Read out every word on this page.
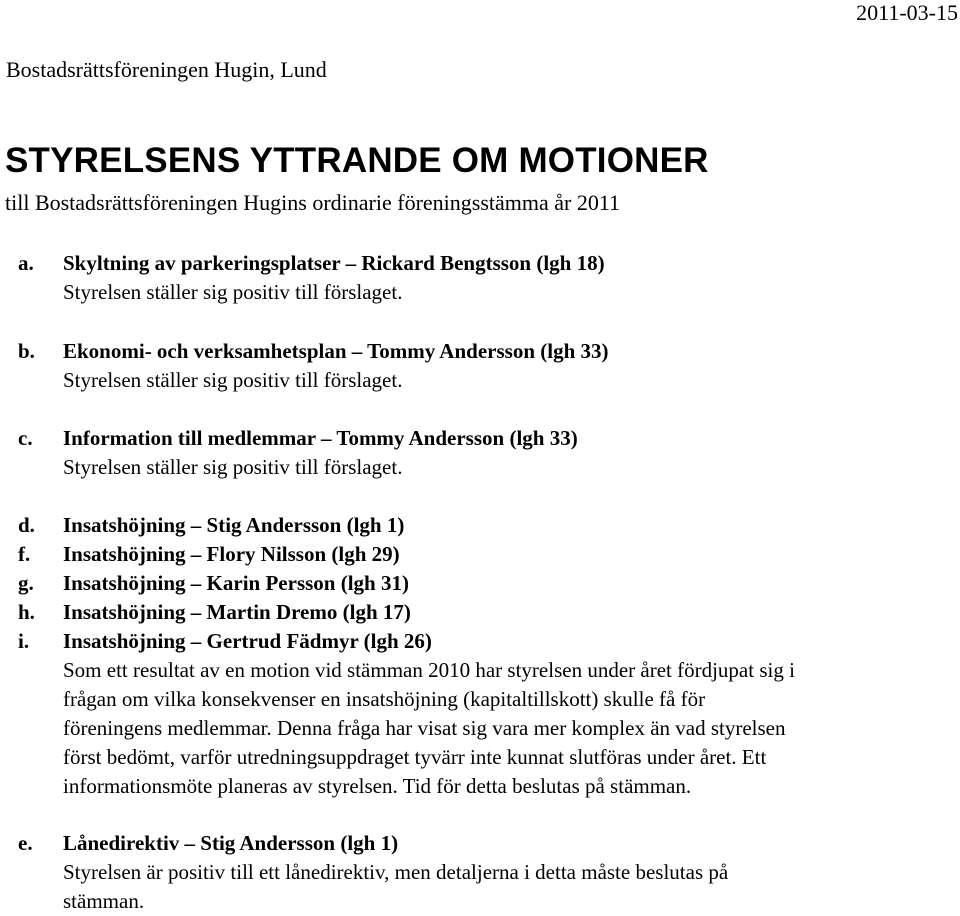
2011-03-15
Bostadsrättsföreningen Hugin, Lund
STYRELSENS YTTRANDE OM MOTIONER
till Bostadsrättsföreningen Hugins ordinarie föreningsstämma år 2011
a. Skyltning av parkeringsplatser – Rickard Bengtsson (lgh 18)
Styrelsen ställer sig positiv till förslaget.
b. Ekonomi- och verksamhetsplan – Tommy Andersson (lgh 33)
Styrelsen ställer sig positiv till förslaget.
c. Information till medlemmar – Tommy Andersson (lgh 33)
Styrelsen ställer sig positiv till förslaget.
d. Insatshöjning – Stig Andersson (lgh 1)
f. Insatshöjning – Flory Nilsson (lgh 29)
g. Insatshöjning – Karin Persson (lgh 31)
h. Insatshöjning – Martin Dremo (lgh 17)
i. Insatshöjning – Gertrud Fädmyr (lgh 26)
Som ett resultat av en motion vid stämman 2010 har styrelsen under året fördjupat sig i
frågan om vilka konsekvenser en insatshöjning (kapitaltillskott) skulle få för
föreningens medlemmar. Denna fråga har visat sig vara mer komplex än vad styrelsen
först bedömt, varför utredningsuppdraget tyvärr inte kunnat slutföras under året. Ett
informationsmöte planeras av styrelsen. Tid för detta beslutas på stämman.
e. Lånedirektiv – Stig Andersson (lgh 1)
Styrelsen är positiv till ett lånedirektiv, men detaljerna i detta måste beslutas på
stämman.
